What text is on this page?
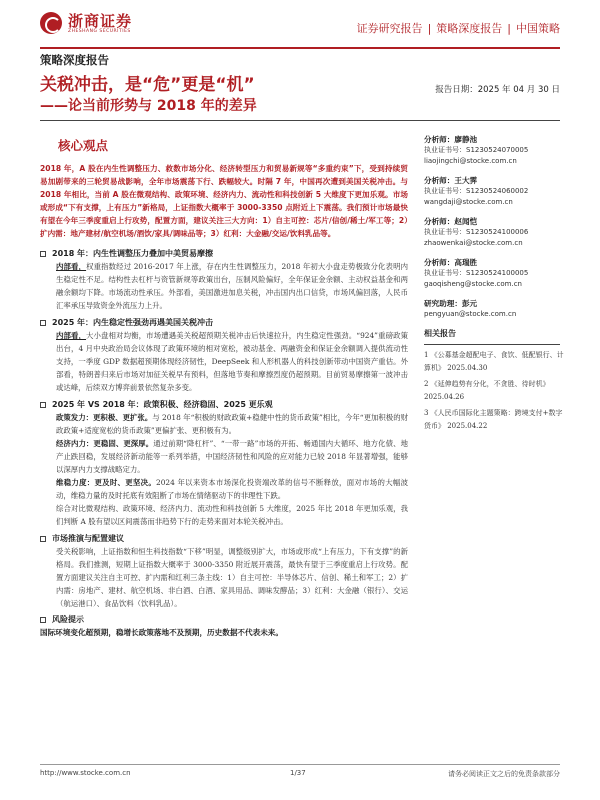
浙商证券
ZHESHANG SECURITIES	证券研究报告 | 策略深度报告 | 中国策略
策略深度报告
关税冲击，是“危”更是“机”
——论当前形势与 2018 年的差异
报告日期：2025 年 04 月 30 日
核心观点
2018 年，A 股在内生性调整压力、救数市场分化、经济转型压力和贸易新规等“多重约束”下，受到持续贸易加剧带来的三轮贸易战影响，全年市场震荡下行、跌幅较大。时隔 7 年，中国再次遭到美国关税冲击。与 2018 年相比，当前 A 股在微观结构、政策环境、经济内力、流动性和科技创新 5 大维度下更加乐观。市场或形成“下有支撑，上有压力”新格局，上证指数大概率于 3000-3350 点附近上下震荡。我们预计市场最快有望在今年三季度重启上行攻势，配置方面，建议关注三大方向：1）自主可控：芯片/信创/稀土/军工等；2）扩内需：地产建材/航空机场/酒饮/家具/调味品等；3）红利：大金融/交运/饮料乳品等。
2018 年：内生性调整压力叠加中美贸易摩擦
内部看，权重指数经过 2016-2017 年上涨，存在内生性调整压力，2018 年初大小盘走势极致分化表明内生稳定性不足。结构性去杠杆与资管新规等政策出台，压制风险偏好，全年保证金余额、主动权益基金和两融余额均下降。市场流动性承压。外部看，美国激进加息关税，冲击国内出口信贷，市场风偏回落，人民币汇率承压导致资金外流压力上升。
2025 年：内生稳定性强劲再遇美国关税冲击
内部看，大小盘相对均衡，市场遭遇美关税超预期关税冲击后快速拉升，内生稳定性强劲。“924”重磅政策出台，4 月中央政治局会议体现了政策环境的相对宽松，被动基金、两融资金和保证金余额调入提供流动性支持，一季度 GDP 数据超预期体现经济韧性，DeepSeek 和人形机器人的科技创新带动中国资产重估。外部看，特朗普归来后市场对加征关税早有预料，但落地节奏和摩擦烈度仍超预期。目前贸易摩擦第一波冲击或达峰，后续双方博弈前景依然复杂多变。
2025 年 VS 2018 年：政策积极、经济稳固、2025 更乐观
政策发力：更积极、更扩张。与 2018 年“积极的财政政策+稳健中性的货币政策”相比，今年“更加积极的财政政策+适度宽松的货币政策”更偏扩张、更积极有为。
经济内力：更稳固、更深厚。通过前期“降杠杆”、“一带一路”市场的开拓、畅通国内大循环、地方化债、地产止跌回稳，发展经济新动能等一系列举措，中国经济韧性和风险的应对能力已较 2018 年显著增强，能够以深厚内力支撑战略定力。
维稳力度：更及时、更坚决。2024 年以来资本市场深化投资端改革的信号不断释放，面对市场的大幅波动，维稳力量的及时托底有效阻断了市场在情绪驱动下的非理性下跌。
综合对比微观结构、政策环境、经济内力、流动性和科技创新 5 大维度，2025 年比 2018 年更加乐观，我们判断 A 股有望以区间震荡而非趋势下行的走势来面对本轮关税冲击。
市场推演与配置建议
受关税影响，上证指数和恒生科技指数“下移”明显，调整级别扩大，市场或形成“上有压力，下有支撑”的新格局。我们推测，短期上证指数大概率于 3000-3350 附近展开震荡，最快有望于三季度重启上行攻势。配置方面建议关注自主可控、扩内需和红利三条主线：1）自主可控：半导体芯片、信创、稀土和军工；2）扩内需：房地产、建材、航空机场、非白酒、白酒、家具用品、调味发酵品；3）红利：大金融（银行）、交运（航运港口）、食品饮料（饮料乳品）。
风险提示
国际环境变化超预期，稳增长政策落地不及预期，历史数据不代表未来。
分析师：廖静池
执业证书号：S1230524070005
liaojingchi@stocke.com.cn
分析师：王大霁
执业证书号：S1230524060002
wangdaji@stocke.com.cn
分析师：赵闻恺
执业证书号：S1230524100006
zhaowenkai@stocke.com.cn
分析师：高瑞胜
执业证书号：S1230524100005
gaoqisheng@stocke.com.cn
研究助理：彭元
pengyuan@stocke.com.cn
相关报告
1 《公募基金超配电子、食饮、低配银行、计算机》 2025.04.30
2 《延伸趋势有分化，不贪胜、待时机》 2025.04.26
3 《人民币国际化主题策略：跨境支付+数字货币》 2025.04.22
http://www.stocke.com.cn	1/37	请务必阅读正文之后的免责条款部分
